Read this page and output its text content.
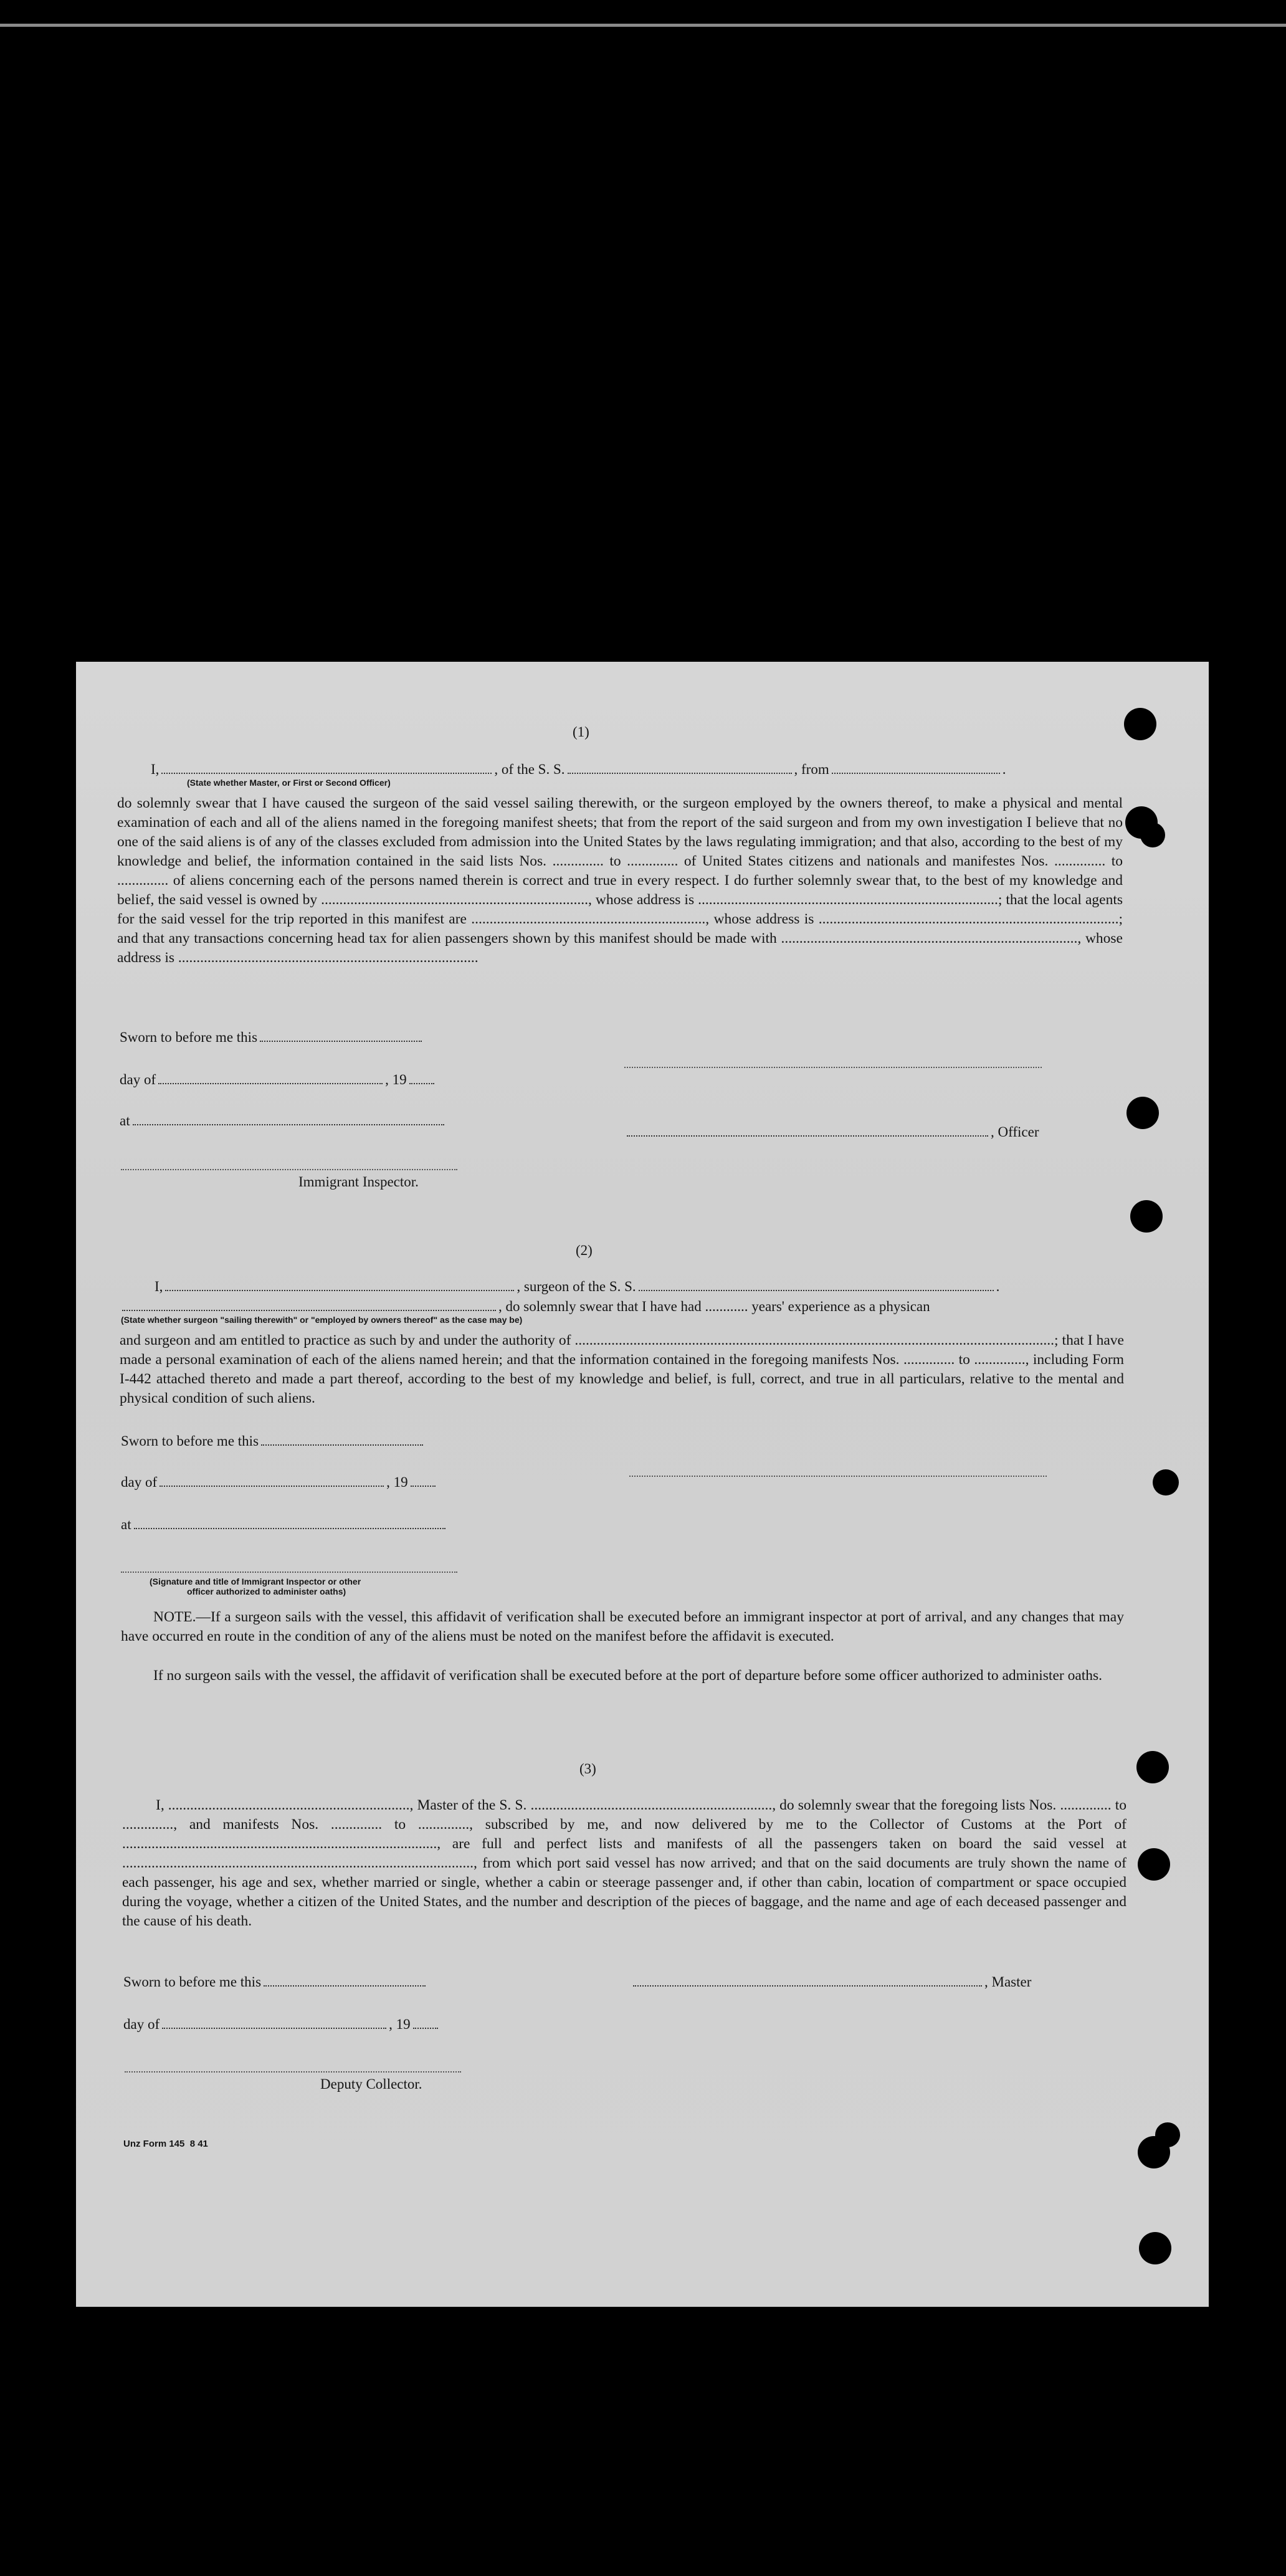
(1)
I,	, of the S. S.	, from	.
(State whether Master, or First or Second Officer)
do solemnly swear that I have caused the surgeon of the said vessel sailing therewith, or the surgeon employed by the owners thereof, to make a physical and mental examination of each and all of the aliens named in the foregoing manifest sheets; that from the report of the said surgeon and from my own investigation I believe that no one of the said aliens is of any of the classes excluded from admission into the United States by the laws regulating immigration; and that also, according to the best of my knowledge and belief, the information contained in the said lists Nos. .............. to .............. of United States citizens and nationals and manifestes Nos. .............. to .............. of aliens concerning each of the persons named therein is correct and true in every respect. I do further solemnly swear that, to the best of my knowledge and belief, the said vessel is owned by ........................................................................., whose address is ..................................................................................; that the local agents for the said vessel for the trip reported in this manifest are ................................................................, whose address is ..................................................................................; and that any transactions concerning head tax for alien passengers shown by this manifest should be made with ................................................................................., whose address is ..................................................................................
Sworn to before me this
day of	, 19
at
, Officer
Immigrant Inspector.
(2)
I,	, surgeon of the S. S.	.
, do solemnly swear that I have had ............ years' experience as a physican
(State whether surgeon "sailing therewith" or "employed by owners thereof" as the case may be)
and surgeon and am entitled to practice as such by and under the authority of ...................................................................................................................................; that I have made a personal examination of each of the aliens named herein; and that the information contained in the foregoing manifests Nos. .............. to .............., including Form I-442 attached thereto and made a part thereof, according to the best of my knowledge and belief, is full, correct, and true in all particulars, relative to the mental and physical condition of such aliens.
Sworn to before me this
day of	, 19
at
(Signature and title of Immigrant Inspector or other
officer authorized to administer oaths)
NOTE.—If a surgeon sails with the vessel, this affidavit of verification shall be executed before an immigrant inspector at port of arrival, and any changes that may have occurred en route in the condition of any of the aliens must be noted on the manifest before the affidavit is executed.
If no surgeon sails with the vessel, the affidavit of verification shall be executed before at the port of departure before some officer authorized to administer oaths.
(3)
I, .................................................................., Master of the S. S. .................................................................., do solemnly swear that the foregoing lists Nos. .............. to .............., and manifests Nos. .............. to .............., subscribed by me, and now delivered by me to the Collector of Customs at the Port of ......................................................................................, are full and perfect lists and manifests of all the passengers taken on board the said vessel at ................................................................................................, from which port said vessel has now arrived; and that on the said documents are truly shown the name of each passenger, his age and sex, whether married or single, whether a cabin or steerage passenger and, if other than cabin, location of compartment or space occupied during the voyage, whether a citizen of the United States, and the number and description of the pieces of baggage, and the name and age of each deceased passenger and the cause of his death.
Sworn to before me this	, Master
day of	, 19
Deputy Collector.
Unz Form 145 8 41
